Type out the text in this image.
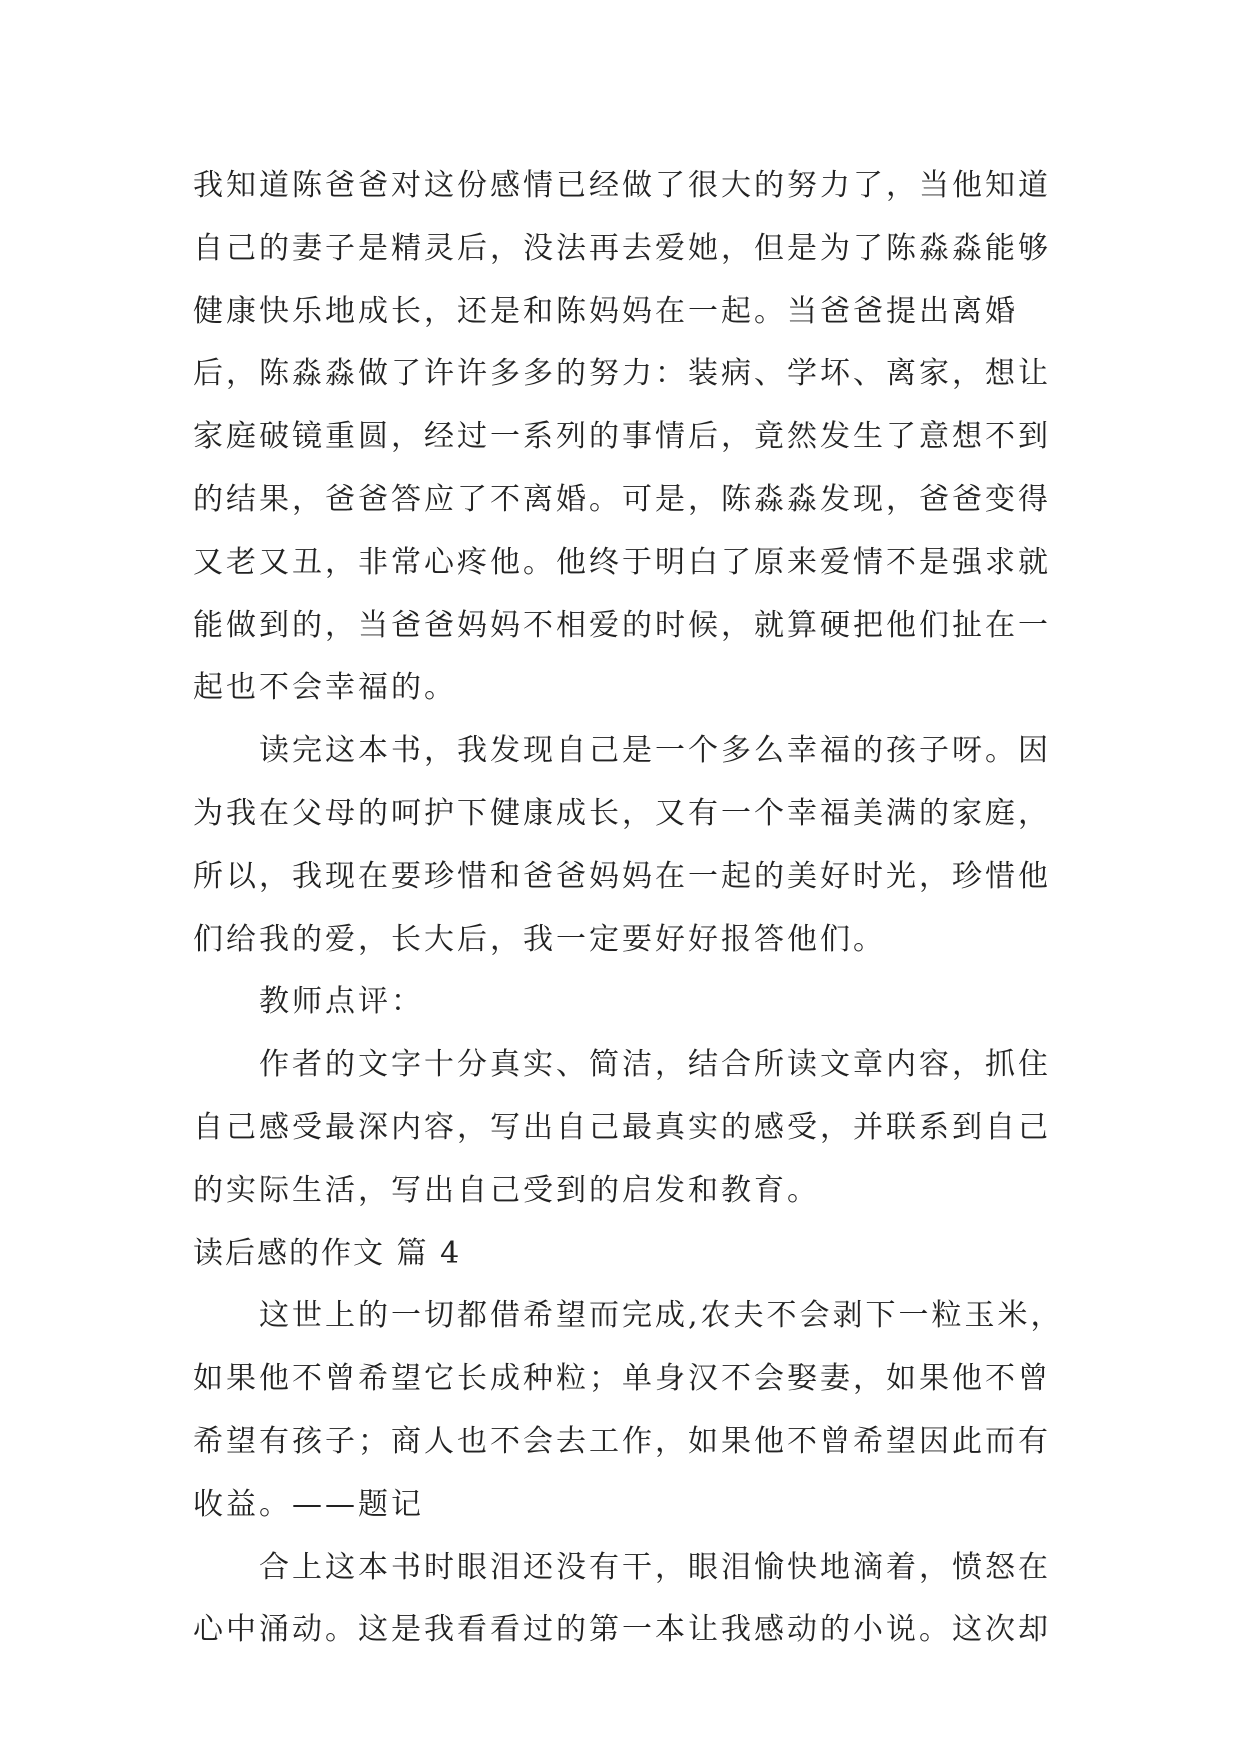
我知道陈爸爸对这份感情已经做了很大的努力了，当他知道自己的妻子是精灵后，没法再去爱她，但是为了陈淼淼能够健康快乐地成长，还是和陈妈妈在一起。当爸爸提出离婚后，陈淼淼做了许许多多的努力：装病、学坏、离家，想让家庭破镜重圆，经过一系列的事情后，竟然发生了意想不到的结果，爸爸答应了不离婚。可是，陈淼淼发现，爸爸变得又老又丑，非常心疼他。他终于明白了原来爱情不是强求就能做到的，当爸爸妈妈不相爱的时候，就算硬把他们扯在一起也不会幸福的。

读完这本书，我发现自己是一个多么幸福的孩子呀。因为我在父母的呵护下健康成长，又有一个幸福美满的家庭，所以，我现在要珍惜和爸爸妈妈在一起的美好时光，珍惜他们给我的爱，长大后，我一定要好好报答他们。

教师点评：

作者的文字十分真实、简洁，结合所读文章内容，抓住自己感受最深内容，写出自己最真实的感受，并联系到自己的实际生活，写出自己受到的启发和教育。

读后感的作文 篇 4

这世上的一切都借希望而完成,农夫不会剥下一粒玉米，如果他不曾希望它长成种粒；单身汉不会娶妻，如果他不曾希望有孩子；商人也不会去工作，如果他不曾希望因此而有收益。——题记

合上这本书时眼泪还没有干，眼泪愉快地滴着，愤怒在心中涌动。这是我看看过的第一本让我感动的小说。这次却
